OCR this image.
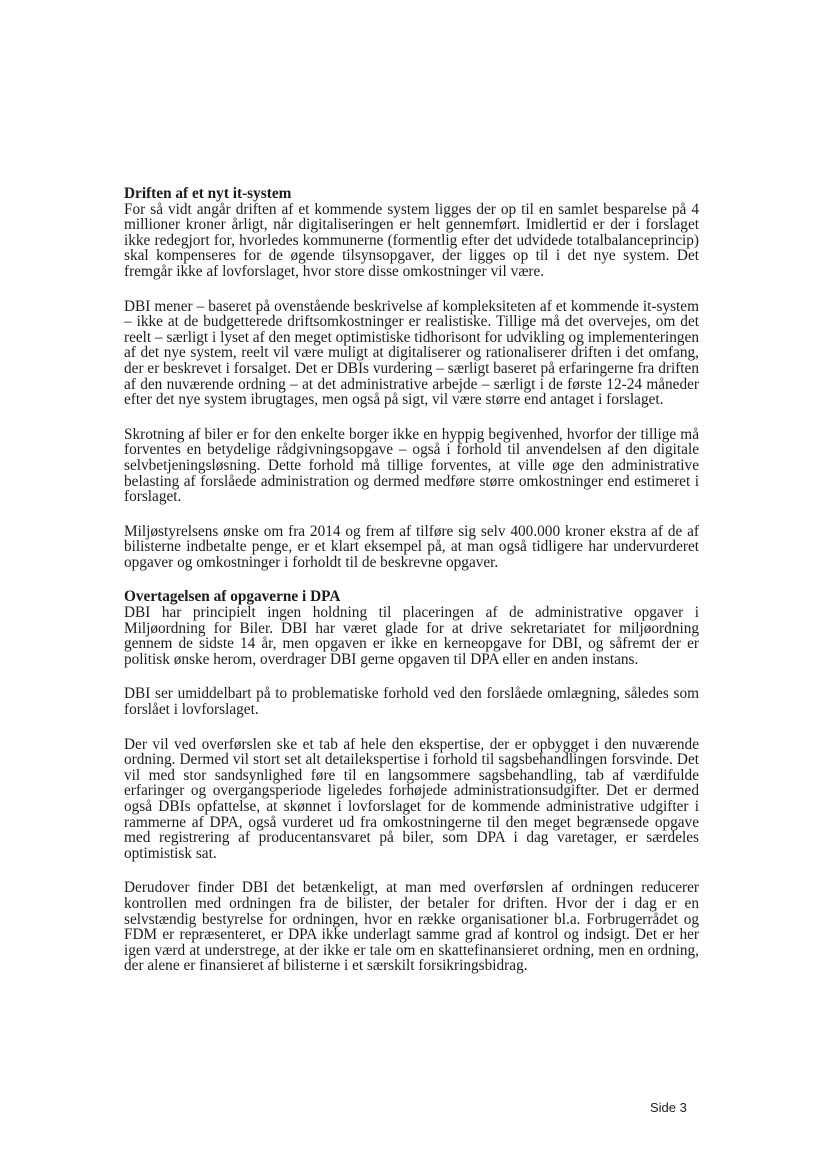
Driften af et nyt it-system

For så vidt angår driften af et kommende system ligges der op til en samlet besparelse på 4 millioner kroner årligt, når digitaliseringen er helt gennemført. Imidlertid er der i forslaget ikke redegjort for, hvorledes kommunerne (formentlig efter det udvidede totalbalanceprincip) skal kompenseres for de øgende tilsynsopgaver, der ligges op til i det nye system. Det fremgår ikke af lovforslaget, hvor store disse omkostninger vil være.

DBI mener – baseret på ovenstående beskrivelse af kompleksiteten af et kommende it-system – ikke at de budgetterede driftsomkostninger er realistiske. Tillige må det overvejes, om det reelt – særligt i lyset af den meget optimistiske tidhorisont for udvikling og implementeringen af det nye system, reelt vil være muligt at digitaliserer og rationaliserer driften i det omfang, der er beskrevet i forsalget. Det er DBIs vurdering – særligt baseret på erfaringerne fra driften af den nuværende ordning – at det administrative arbejde – særligt i de første 12-24 måneder efter det nye system ibrugtages, men også på sigt, vil være større end antaget i forslaget.

Skrotning af biler er for den enkelte borger ikke en hyppig begivenhed, hvorfor der tillige må forventes en betydelige rådgivningsopgave – også i forhold til anvendelsen af den digitale selvbetjeningsløsning. Dette forhold må tillige forventes, at ville øge den administrative belasting af forslåede administration og dermed medføre større omkostninger end estimeret i forslaget.

Miljøstyrelsens ønske om fra 2014 og frem af tilføre sig selv 400.000 kroner ekstra af de af bilisterne indbetalte penge, er et klart eksempel på, at man også tidligere har undervurderet opgaver og omkostninger i forholdt til de beskrevne opgaver.

Overtagelsen af opgaverne i DPA

DBI har principielt ingen holdning til placeringen af de administrative opgaver i Miljøordning for Biler. DBI har været glade for at drive sekretariatet for miljøordning gennem de sidste 14 år, men opgaven er ikke en kerneopgave for DBI, og såfremt der er politisk ønske herom, overdrager DBI gerne opgaven til DPA eller en anden instans.

DBI ser umiddelbart på to problematiske forhold ved den forslåede omlægning, således som forslået i lovforslaget.

Der vil ved overførslen ske et tab af hele den ekspertise, der er opbygget i den nuværende ordning. Dermed vil stort set alt detailekspertise i forhold til sagsbehandlingen forsvinde. Det vil med stor sandsynlighed føre til en langsommere sagsbehandling, tab af værdifulde erfaringer og overgangsperiode ligeledes forhøjede administrationsudgifter. Det er dermed også DBIs opfattelse, at skønnet i lovforslaget for de kommende administrative udgifter i rammerne af DPA, også vurderet ud fra omkostningerne til den meget begrænsede opgave med registrering af producentansvaret på biler, som DPA i dag varetager, er særdeles optimistisk sat.

Derudover finder DBI det betænkeligt, at man med overførslen af ordningen reducerer kontrollen med ordningen fra de bilister, der betaler for driften. Hvor der i dag er en selvstændig bestyrelse for ordningen, hvor en række organisationer bl.a. Forbrugerrådet og FDM er repræsenteret, er DPA ikke underlagt samme grad af kontrol og indsigt. Det er her igen værd at understrege, at der ikke er tale om en skattefinansieret ordning, men en ordning, der alene er finansieret af bilisterne i et særskilt forsikringsbidrag.

Side 3
